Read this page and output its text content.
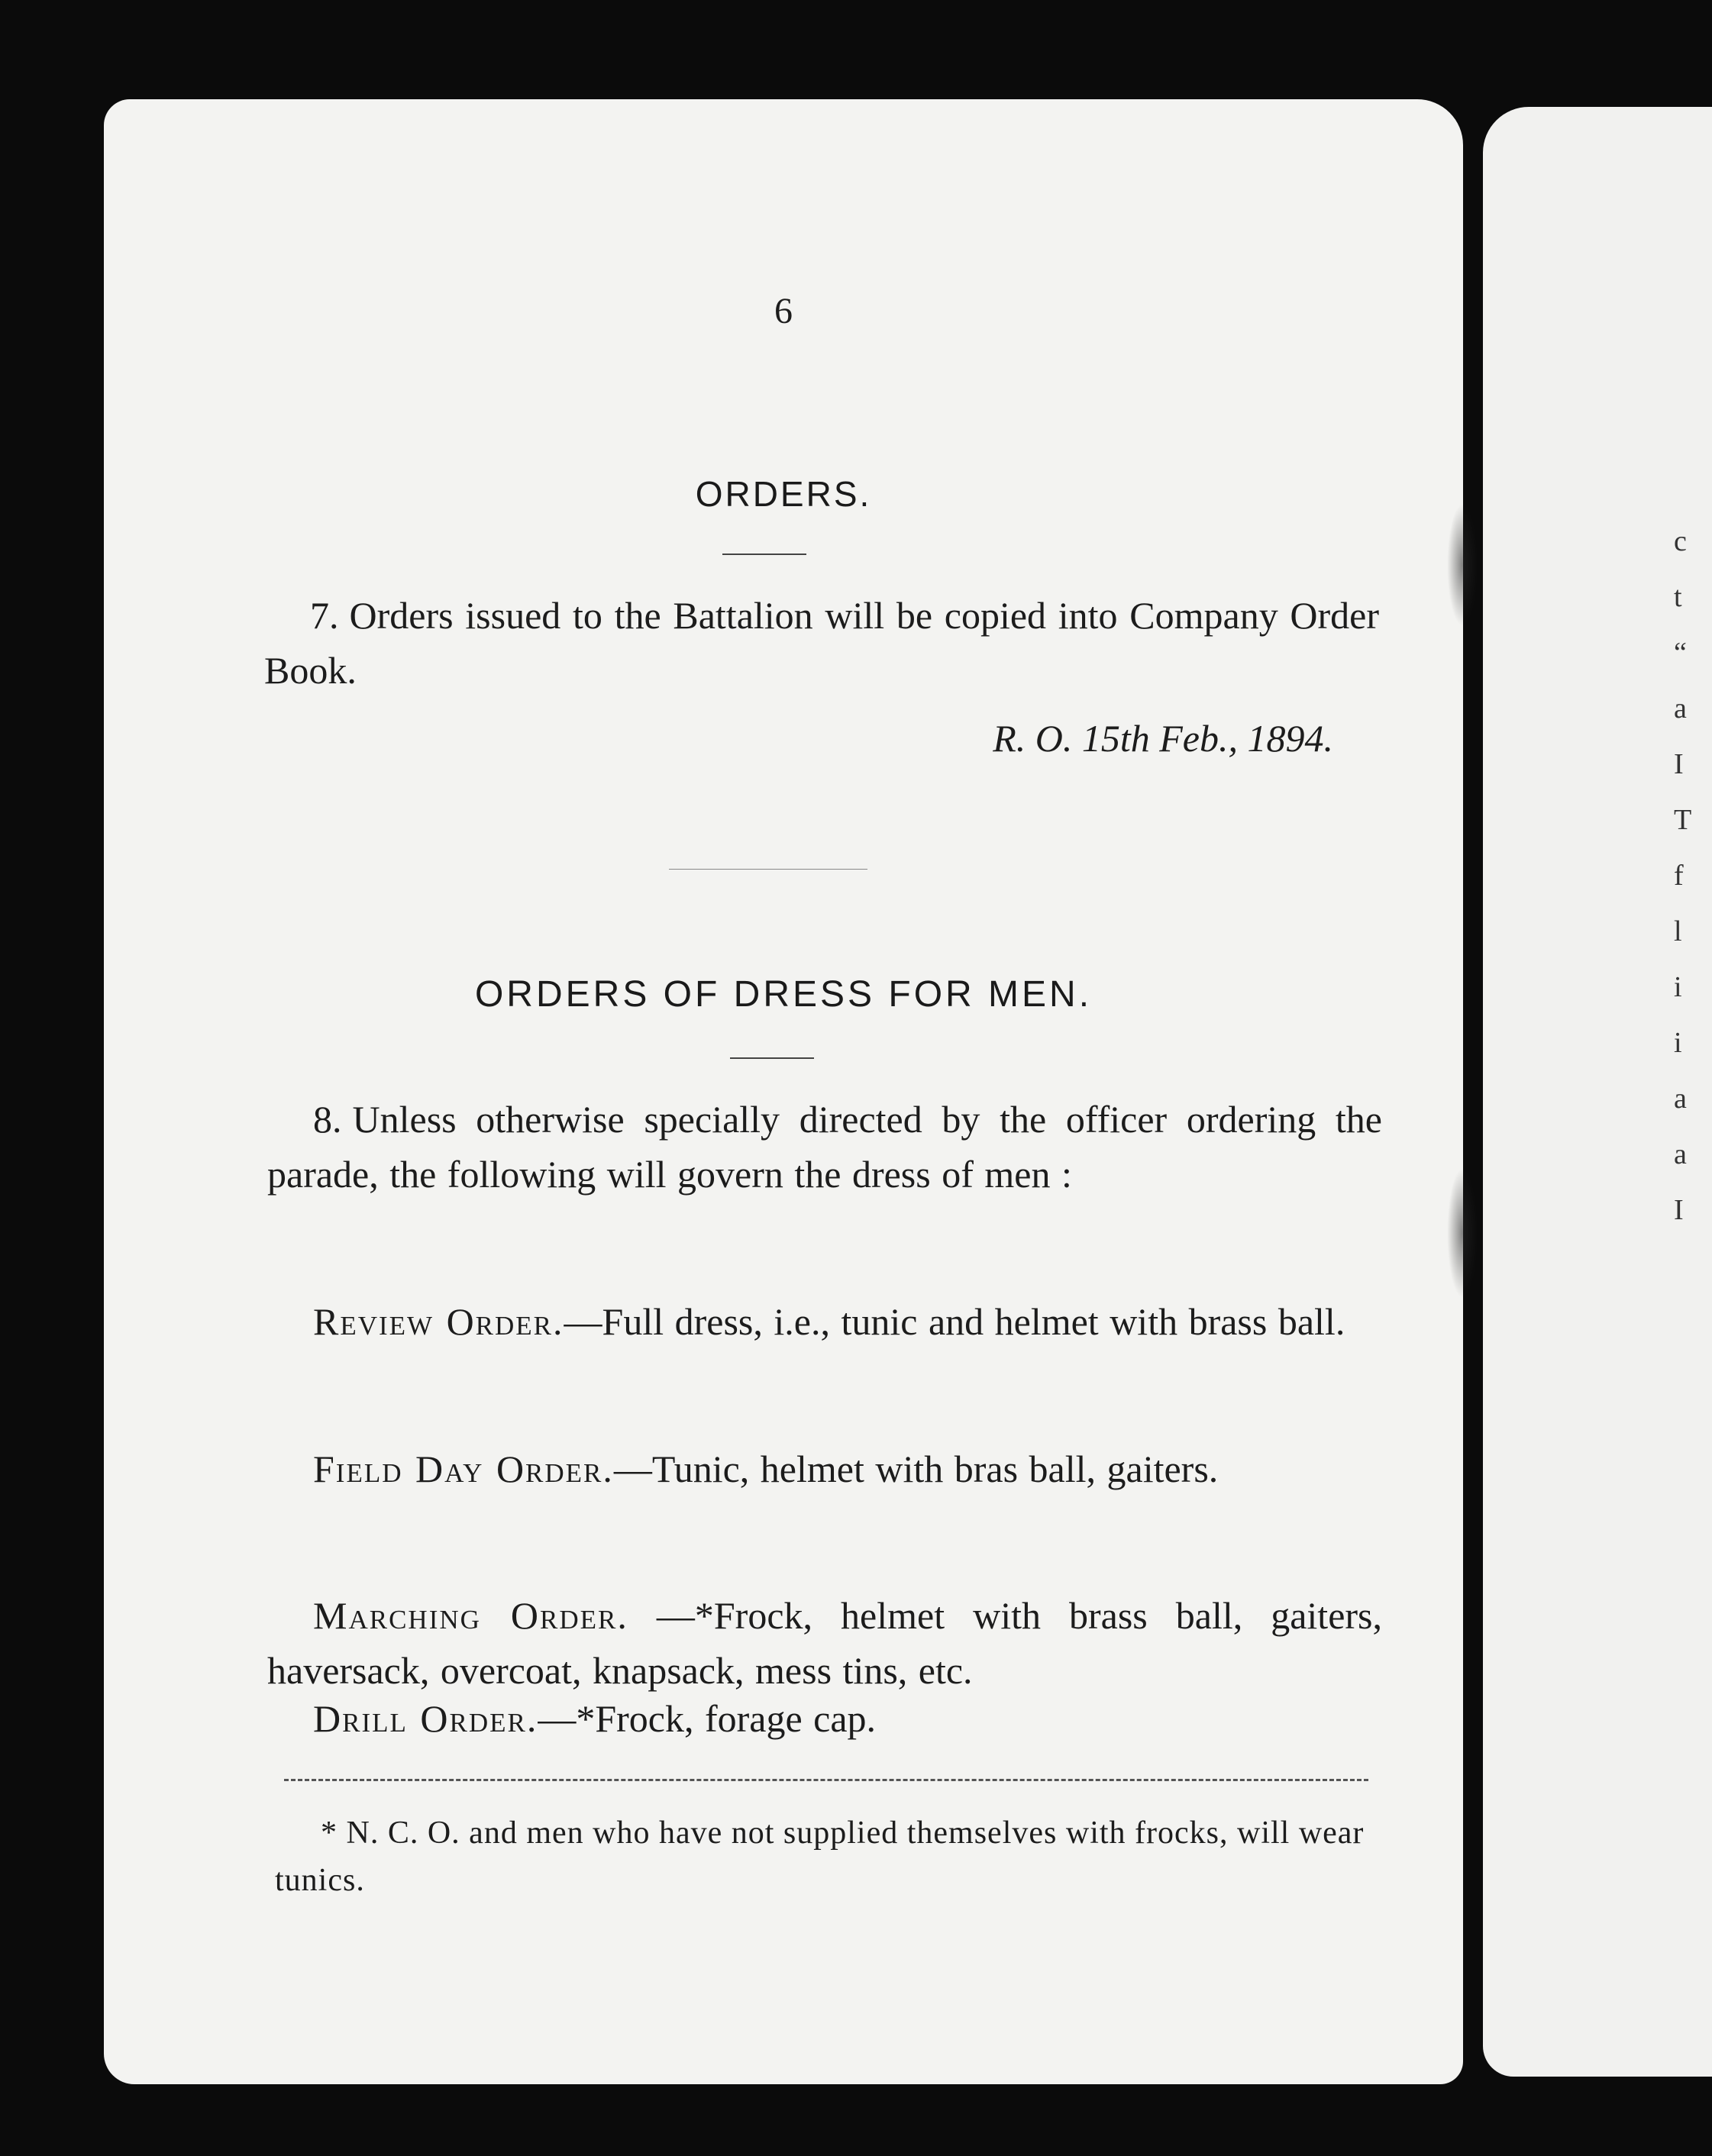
c
t
“
a
I
T
f
l
i
i
a
a
I
6
ORDERS.
7. Orders issued to the Battalion will be copied into Company Order Book.
R. O. 15th Feb., 1894.
ORDERS OF DRESS FOR MEN.
8. Unless otherwise specially directed by the officer ordering the parade, the following will govern the dress of men :
Review Order.—Full dress, i.e., tunic and helmet with brass ball.
Field Day Order.—Tunic, helmet with bras ball, gaiters.
Marching Order. —*Frock, helmet with brass ball, gaiters, haversack, overcoat, knapsack, mess tins, etc.
Drill Order.—*Frock, forage cap.
* N. C. O. and men who have not supplied themselves with frocks, will wear tunics.
